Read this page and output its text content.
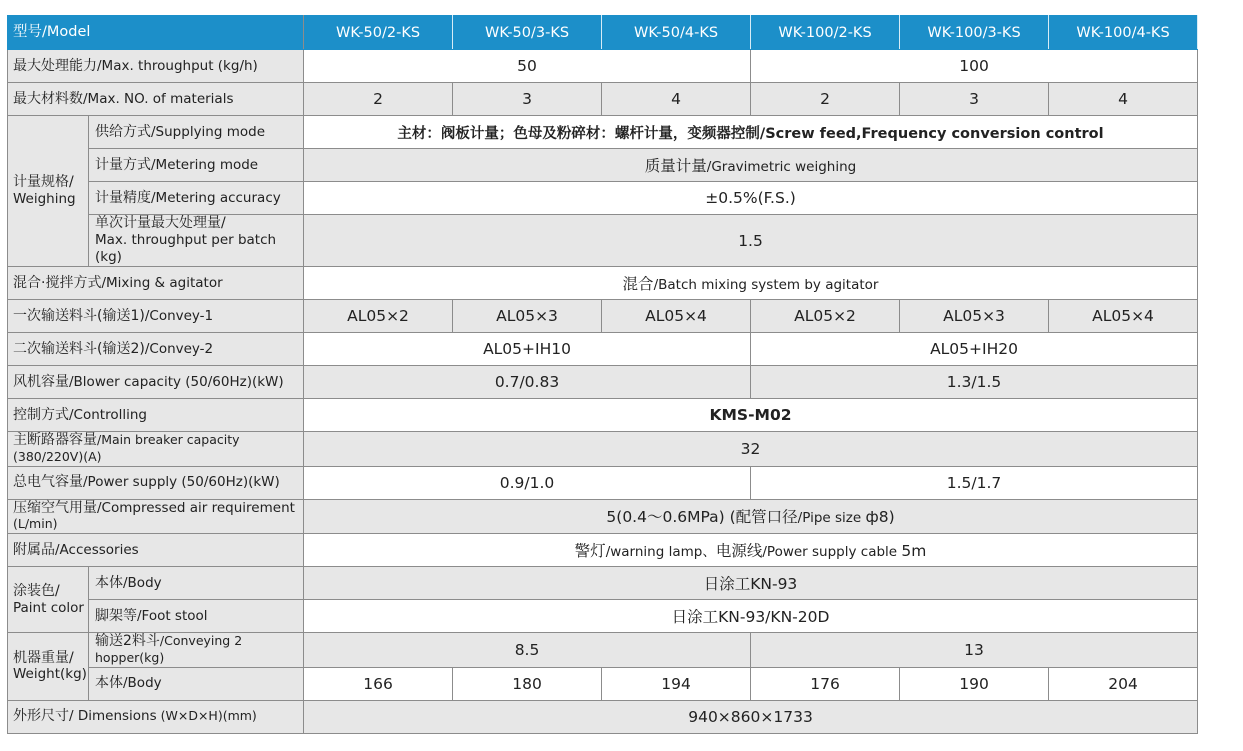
型号/Model		WK-50/2-KS	WK-50/3-KS	WK-50/4-KS	WK-100/2-KS	WK-100/3-KS	WK-100/4-KS
最大处理能力/Max. throughput (kg/h)		50			100		
最大材料数/Max. NO. of materials		2	3	4	2	3	4
计量规格/
Weighing	供给方式/Supplying mode	主材：阀板计量；色母及粉碎材：螺杆计量，变频器控制/Screw feed,Frequency conversion control					
	计量方式/Metering mode	质量计量/Gravimetric weighing					
	计量精度/Metering accuracy	±0.5%(F.S.)					
	单次计量最大处理量/
Max. throughput per batch (kg)	1.5					
混合·搅拌方式/Mixing & agitator		混合/Batch mixing system by agitator					
一次输送料斗(输送1)/Convey-1		AL05×2	AL05×3	AL05×4	AL05×2	AL05×3	AL05×4
二次输送料斗(输送2)/Convey-2		AL05+IH10			AL05+IH20		
风机容量/Blower capacity (50/60Hz)(kW)		0.7/0.83			1.3/1.5		
控制方式/Controlling		KMS-M02					
主断路器容量/Main breaker capacity (380/220V)(A)		32					
总电气容量/Power supply (50/60Hz)(kW)		0.9/1.0			1.5/1.7		
压缩空气用量/Compressed air requirement (L/min)		5(0.4～0.6MPa) (配管口径/Pipe size ф8)					
附属品/Accessories		警灯/warning lamp、电源线/Power supply cable 5m					
涂装色/
Paint color	本体/Body	日涂工KN-93					
	脚架等/Foot stool	日涂工KN-93/KN-20D					
机器重量/
Weight(kg)	输送2料斗/Conveying 2 hopper(kg)	8.5			13		
	本体/Body	166	180	194	176	190	204
外形尺寸/ Dimensions (W×D×H)(mm)		940×860×1733					
